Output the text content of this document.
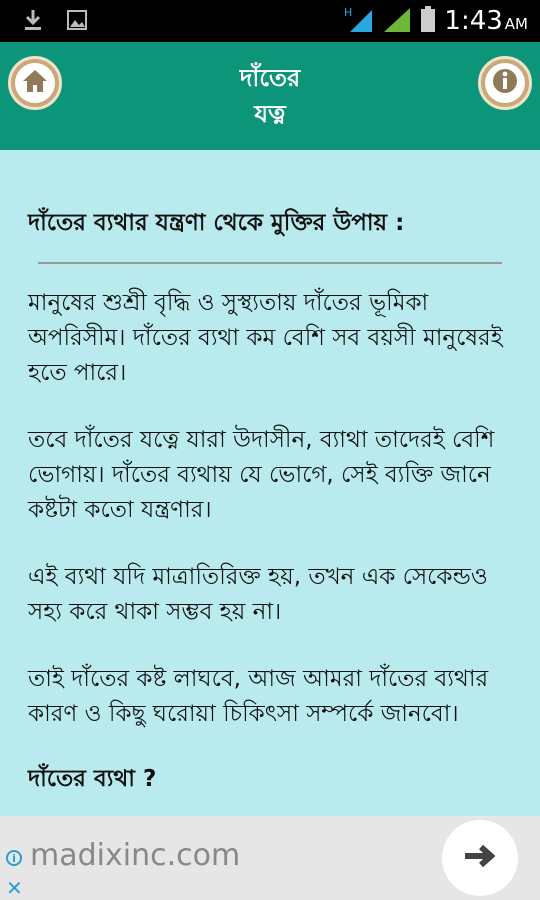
H	1:43 AM
দাঁতের
যত্ন
দাঁতের ব্যথার যন্ত্রণা থেকে মুক্তির উপায় :

মানুষের শুশ্রী বৃদ্ধি ও সুস্থ্যতায় দাঁতের ভূমিকা অপরিসীম। দাঁতের ব্যথা কম বেশি সব বয়সী মানুষেরই হতে পারে।

তবে দাঁতের যত্নে যারা উদাসীন, ব্যাথা তাদেরই বেশি ভোগায়। দাঁতের ব্যথায় যে ভোগে, সেই ব্যক্তি জানে কষ্টটা কতো যন্ত্রণার।

এই ব্যথা যদি মাত্রাতিরিক্ত হয়, তখন এক সেকেন্ডও সহ্য করে থাকা সম্ভব হয় না।

তাই দাঁতের কষ্ট লাঘবে, আজ আমরা দাঁতের ব্যথার কারণ ও কিছু ঘরোয়া চিকিৎসা সম্পর্কে জানবো।

দাঁতের ব্যথা ?
i
✕
madixinc.com
